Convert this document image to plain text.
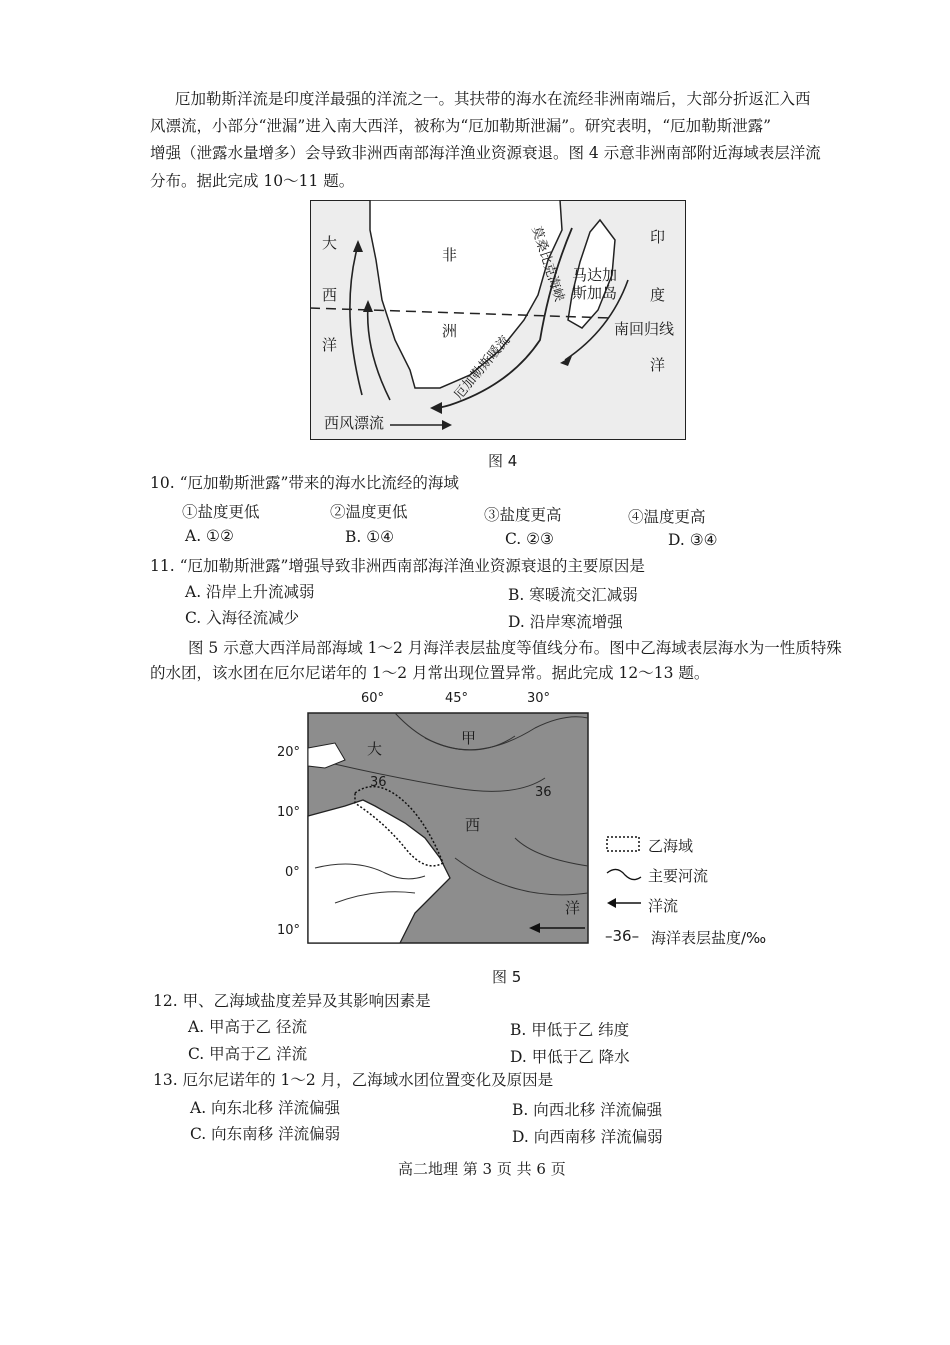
厄加勒斯洋流是印度洋最强的洋流之一。其扶带的海水在流经非洲南端后，大部分折返汇入西
风漂流，小部分“泄漏”进入南大西洋，被称为“厄加勒斯泄漏”。研究表明，“厄加勒斯泄露”
增强（泄露水量增多）会导致非洲西南部海洋渔业资源衰退。图 4 示意非洲南部附近海域表层洋流
分布。据此完成 10～11 题。
大
西
洋
非
洲
印
度
洋
马达加
斯加岛
莫桑比克海峡
厄加勒斯暖流
南回归线
西风漂流
图 4
10. “厄加勒斯泄露”带来的海水比流经的海域
①盐度更低	②温度更低	③盐度更高	④温度更高
A. ①②	B. ①④	C. ②③	D. ③④
11. “厄加勒斯泄露”增强导致非洲西南部海洋渔业资源衰退的主要原因是
A. 沿岸上升流减弱	B. 寒暖流交汇减弱
C. 入海径流减少	D. 沿岸寒流增强
图 5 示意大西洋局部海域 1～2 月海洋表层盐度等值线分布。图中乙海域表层海水为一性质特殊
的水团，该水团在厄尔尼诺年的 1～2 月常出现位置异常。据此完成 12～13 题。
60°	45°	30°
20°
10°
0°
10°
甲
大
西
洋
36
36
乙海域
主要河流
洋流
–36– 海洋表层盐度/‰
图 5
12. 甲、乙海域盐度差异及其影响因素是
A. 甲高于乙 径流	B. 甲低于乙 纬度
C. 甲高于乙 洋流	D. 甲低于乙 降水
13. 厄尔尼诺年的 1～2 月，乙海域水团位置变化及原因是
A. 向东北移 洋流偏强	B. 向西北移 洋流偏强
C. 向东南移 洋流偏弱	D. 向西南移 洋流偏弱
高二地理 第 3 页 共 6 页
